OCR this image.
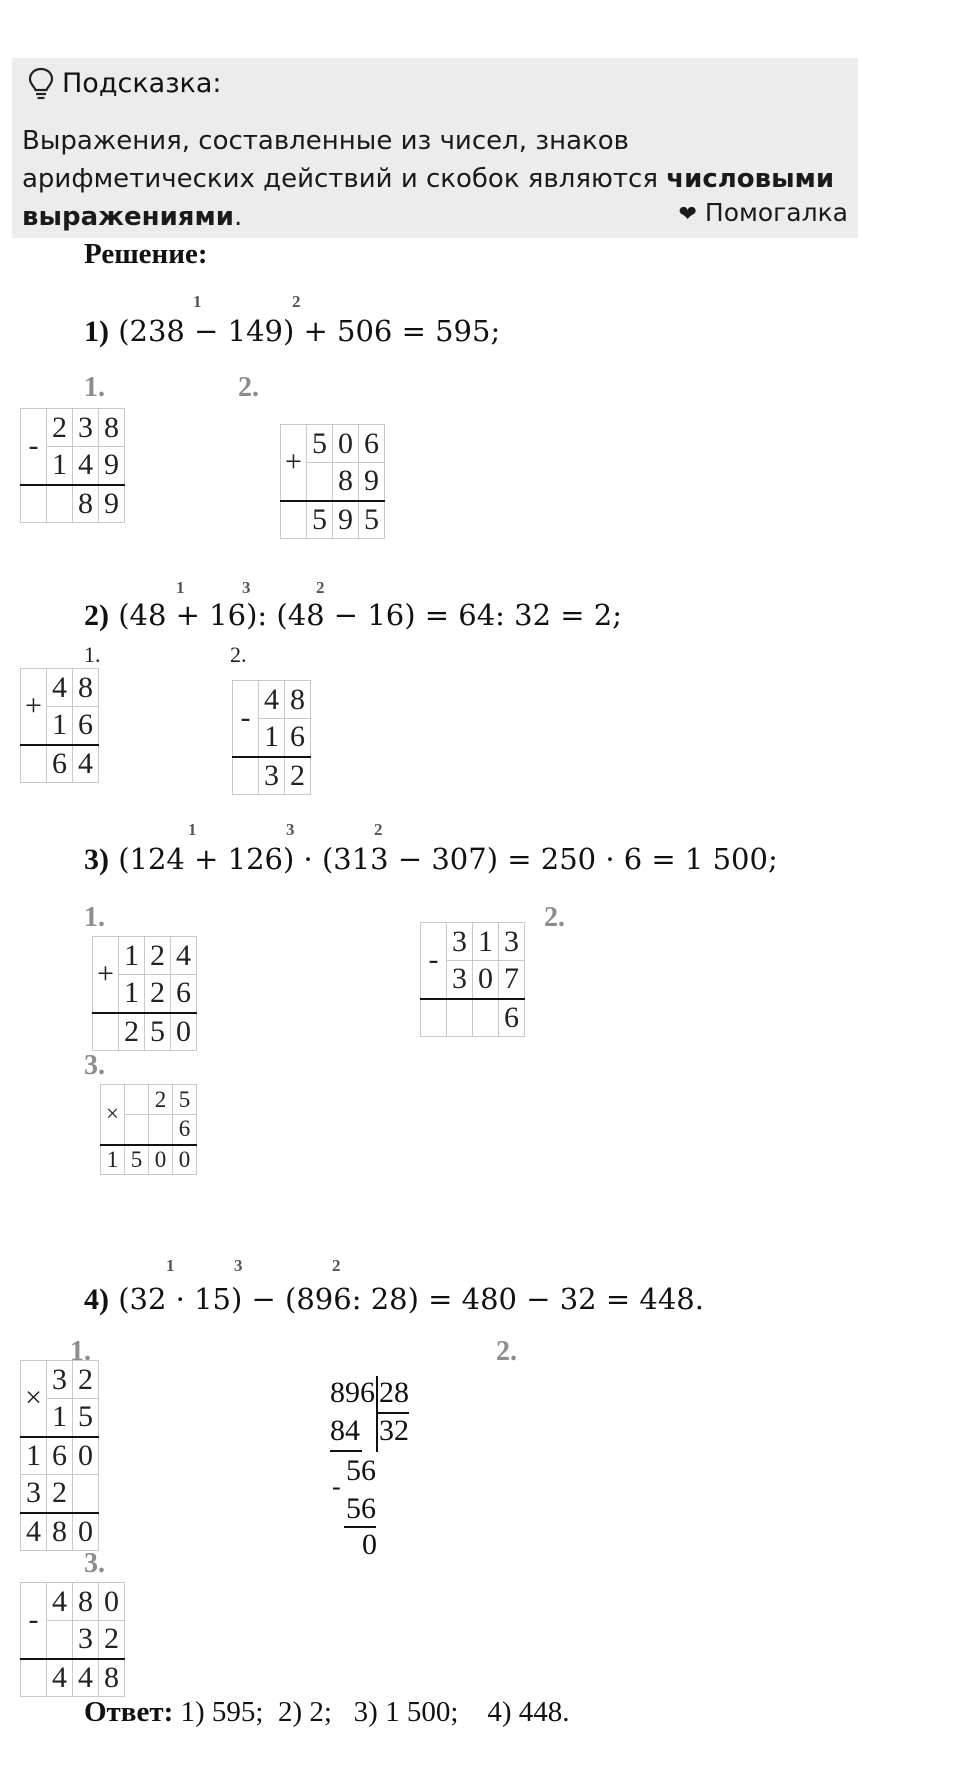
Подсказка:
Выражения, составленные из чисел, знаков арифметических действий и скобок являются числовыми выражениями.	❤ Помогалка
Решение:
1	2
1) (238 − 149) + 506 = 595;
1.
-	2	3	8
	1	4	9
		8	9
2.
+	5	0	6
		8	9
	5	9	5
1	3	2
2) (48 + 16): (48 − 16) = 64: 32 = 2;
1.
+	4	8
	1	6
	6	4
2.
-	4	8
	1	6
	3	2
1	3	2
3) (124 + 126) · (313 − 307) = 250 · 6 = 1 500;
1.
+	1	2	4
	1	2	6
	2	5	0
2.
-	3	1	3
	3	0	7
			6
3.
×		2	5
			6
1	5	0	0
1	3	2
4) (32 · 15) − (896: 28) = 480 − 32 = 448.
1.
×	3	2
	1	5
1	6	0
3	2	
4	8	0
2.
896 28
84 32
- 56
56
0
3.
-	4	8	0
		3	2
	4	4	8
Ответ: 1) 595;  2) 2;   3) 1 500;    4) 448.
